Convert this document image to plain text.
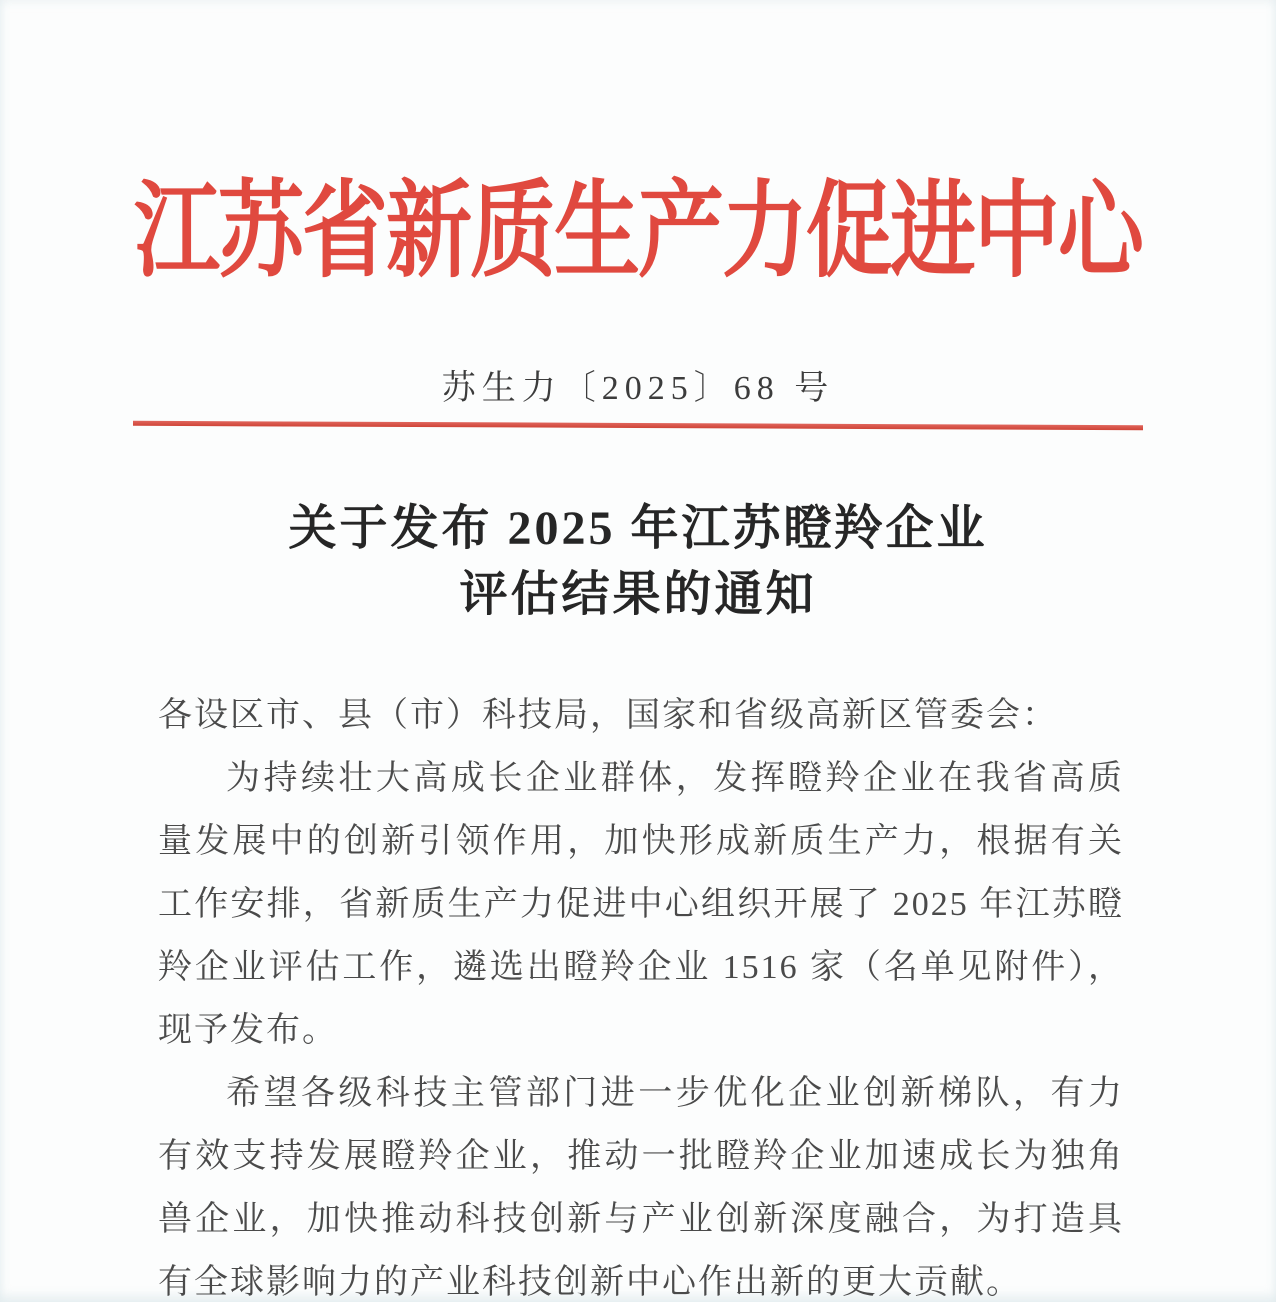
江苏省新质生产力促进中心
苏生力〔2025〕68 号
关于发布 2025 年江苏瞪羚企业
评估结果的通知

各设区市、县（市）科技局，国家和省级高新区管委会：

为持续壮大高成长企业群体，发挥瞪羚企业在我省高质量发展中的创新引领作用，加快形成新质生产力，根据有关工作安排，省新质生产力促进中心组织开展了 2025 年江苏瞪羚企业评估工作，遴选出瞪羚企业 1516 家（名单见附件），现予发布。

希望各级科技主管部门进一步优化企业创新梯队，有力有效支持发展瞪羚企业，推动一批瞪羚企业加速成长为独角兽企业，加快推动科技创新与产业创新深度融合，为打造具有全球影响力的产业科技创新中心作出新的更大贡献。
